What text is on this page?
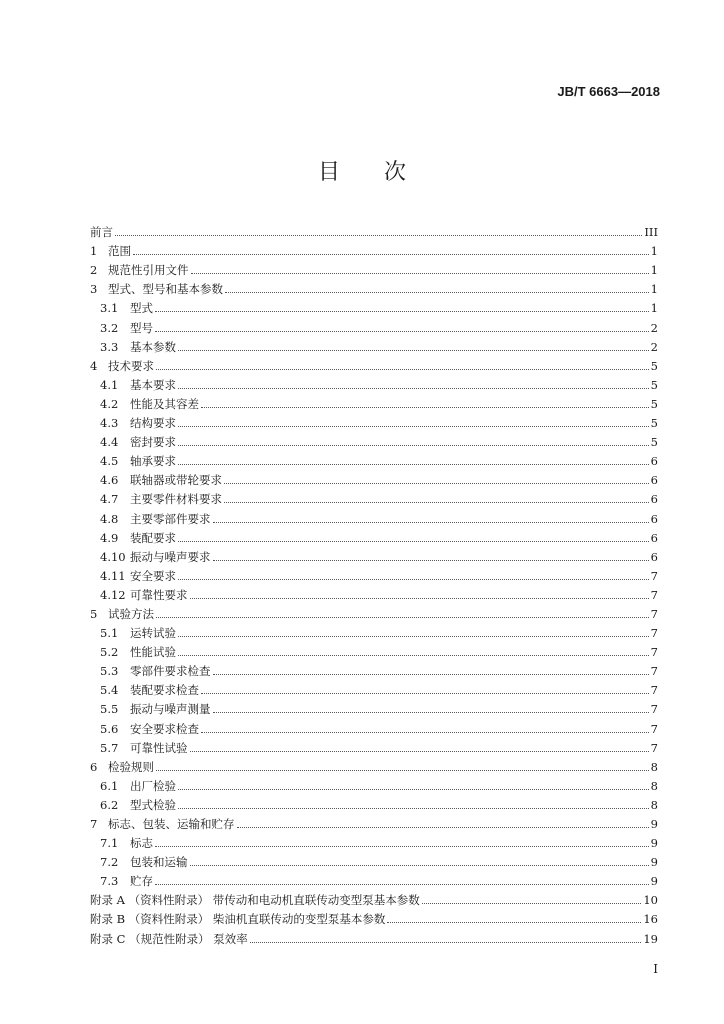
JB/T 6663—2018
目 次
前言	III
1 范围	1
2 规范性引用文件	1
3 型式、型号和基本参数	1
3.1	型式	1
3.2	型号	2
3.3	基本参数	2
4 技术要求	5
4.1	基本要求	5
4.2	性能及其容差	5
4.3	结构要求	5
4.4	密封要求	5
4.5	轴承要求	6
4.6	联轴器或带轮要求	6
4.7	主要零件材料要求	6
4.8	主要零部件要求	6
4.9	装配要求	6
4.10 振动与噪声要求	6
4.11 安全要求	7
4.12 可靠性要求	7
5 试验方法	7
5.1	运转试验	7
5.2	性能试验	7
5.3	零部件要求检查	7
5.4	装配要求检查	7
5.5	振动与噪声测量	7
5.6	安全要求检查	7
5.7	可靠性试验	7
6 检验规则	8
6.1	出厂检验	8
6.2	型式检验	8
7 标志、包装、运输和贮存	9
7.1	标志	9
7.2	包装和运输	9
7.3	贮存	9
附录 A （资料性附录） 带传动和电动机直联传动变型泵基本参数	10
附录 B （资料性附录） 柴油机直联传动的变型泵基本参数	16
附录 C （规范性附录） 泵效率	19
I
